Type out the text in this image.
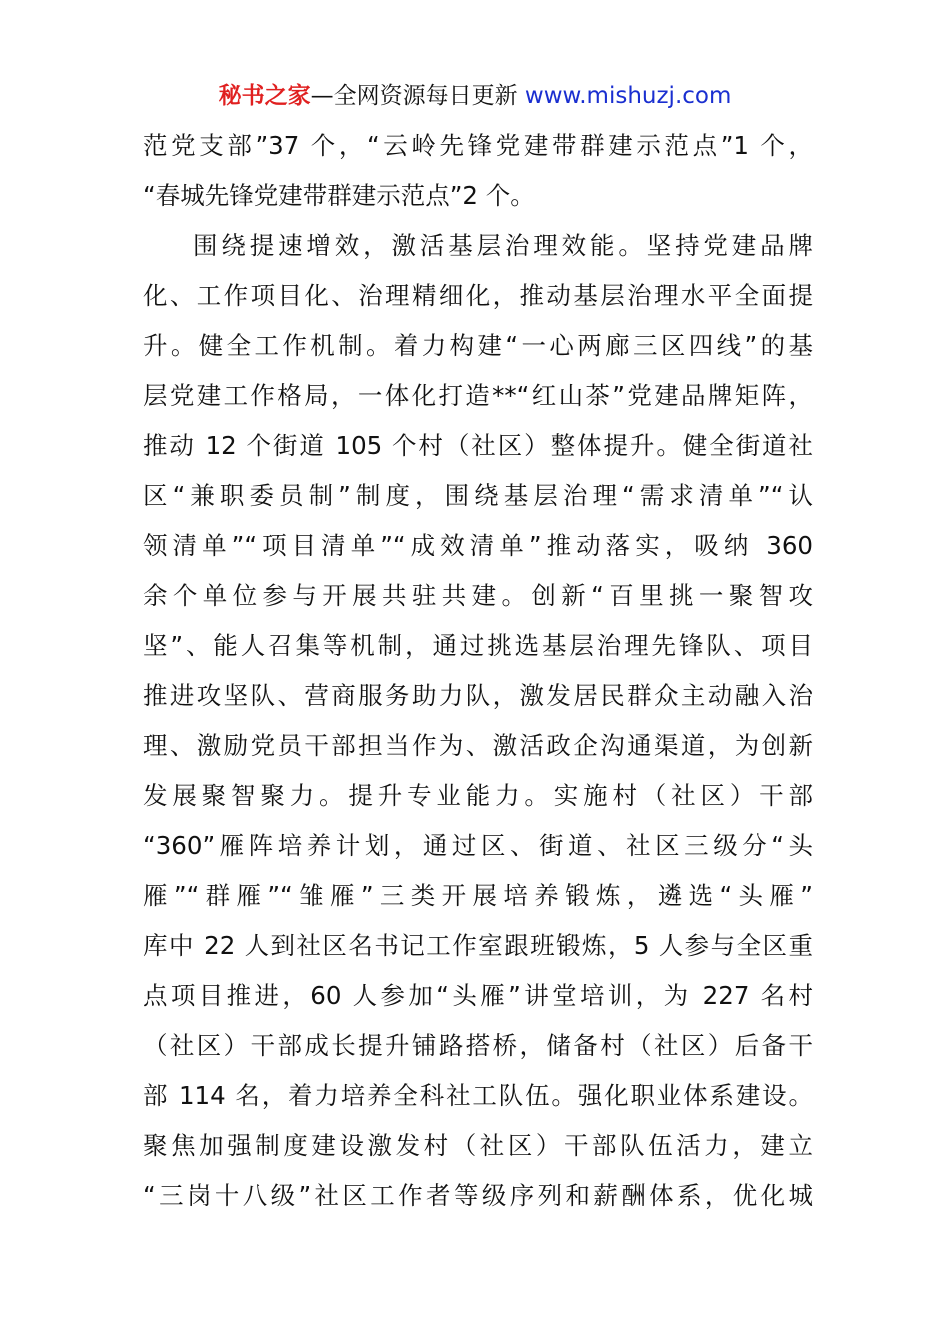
秘书之家—全网资源每日更新 www.mishuzj.com
范党支部”37 个，“云岭先锋党建带群建示范点”1 个，
“春城先锋党建带群建示范点”2 个。
围绕提速增效，激活基层治理效能。坚持党建品牌
化、工作项目化、治理精细化，推动基层治理水平全面提
升。健全工作机制。着力构建“一心两廊三区四线”的基
层党建工作格局，一体化打造**“红山茶”党建品牌矩阵，
推动 12 个街道 105 个村（社区）整体提升。健全街道社
区“兼职委员制”制度，围绕基层治理“需求清单”“认
领清单”“项目清单”“成效清单”推动落实，吸纳 360
余个单位参与开展共驻共建。创新“百里挑一聚智攻
坚”、能人召集等机制，通过挑选基层治理先锋队、项目
推进攻坚队、营商服务助力队，激发居民群众主动融入治
理、激励党员干部担当作为、激活政企沟通渠道，为创新
发展聚智聚力。提升专业能力。实施村（社区）干部
“360”雁阵培养计划，通过区、街道、社区三级分“头
雁”“群雁”“雏雁”三类开展培养锻炼，遴选“头雁”
库中 22 人到社区名书记工作室跟班锻炼，5 人参与全区重
点项目推进，60 人参加“头雁”讲堂培训，为 227 名村
（社区）干部成长提升铺路搭桥，储备村（社区）后备干
部 114 名，着力培养全科社工队伍。强化职业体系建设。
聚焦加强制度建设激发村（社区）干部队伍活力，建立
“三岗十八级”社区工作者等级序列和薪酬体系，优化城
